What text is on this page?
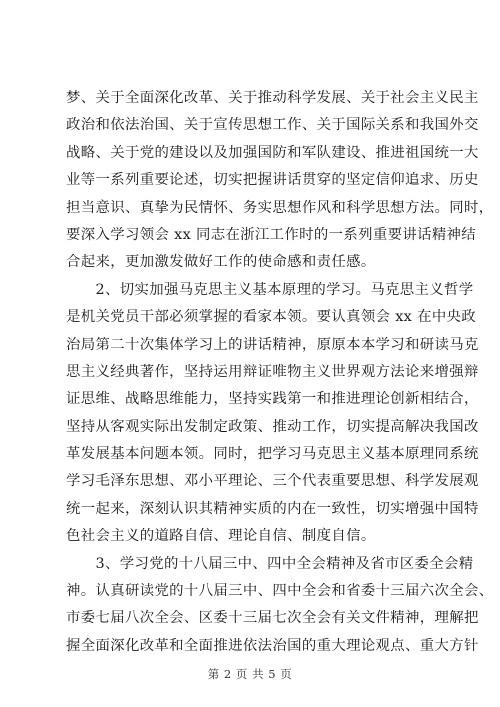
梦、关于全面深化改革、关于推动科学发展、关于社会主义民主
政治和依法治国、关于宣传思想工作、关于国际关系和我国外交
战略、关于党的建设以及加强国防和军队建设、推进祖国统一大
业等一系列重要论述，切实把握讲话贯穿的坚定信仰追求、历史
担当意识、真挚为民情怀、务实思想作风和科学思想方法。同时，
要深入学习领会 xx 同志在浙江工作时的一系列重要讲话精神结
合起来，更加激发做好工作的使命感和责任感。
　　2、切实加强马克思主义基本原理的学习。马克思主义哲学
是机关党员干部必须掌握的看家本领。要认真领会 xx 在中央政
治局第二十次集体学习上的讲话精神，原原本本学习和研读马克
思主义经典著作，坚持运用辩证唯物主义世界观方法论来增强辩
证思维、战略思维能力，坚持实践第一和推进理论创新相结合，
坚持从客观实际出发制定政策、推动工作，切实提高解决我国改
革发展基本问题本领。同时，把学习马克思主义基本原理同系统
学习毛泽东思想、邓小平理论、三个代表重要思想、科学发展观
统一起来，深刻认识其精神实质的内在一致性，切实增强中国特
色社会主义的道路自信、理论自信、制度自信。
　　3、学习党的十八届三中、四中全会精神及省市区委全会精
神。认真研读党的十八届三中、四中全会和省委十三届六次全会、
市委七届八次全会、区委十三届七次全会有关文件精神，理解把
握全面深化改革和全面推进依法治国的重大理论观点、重大方针
第 2 页 共 5 页
